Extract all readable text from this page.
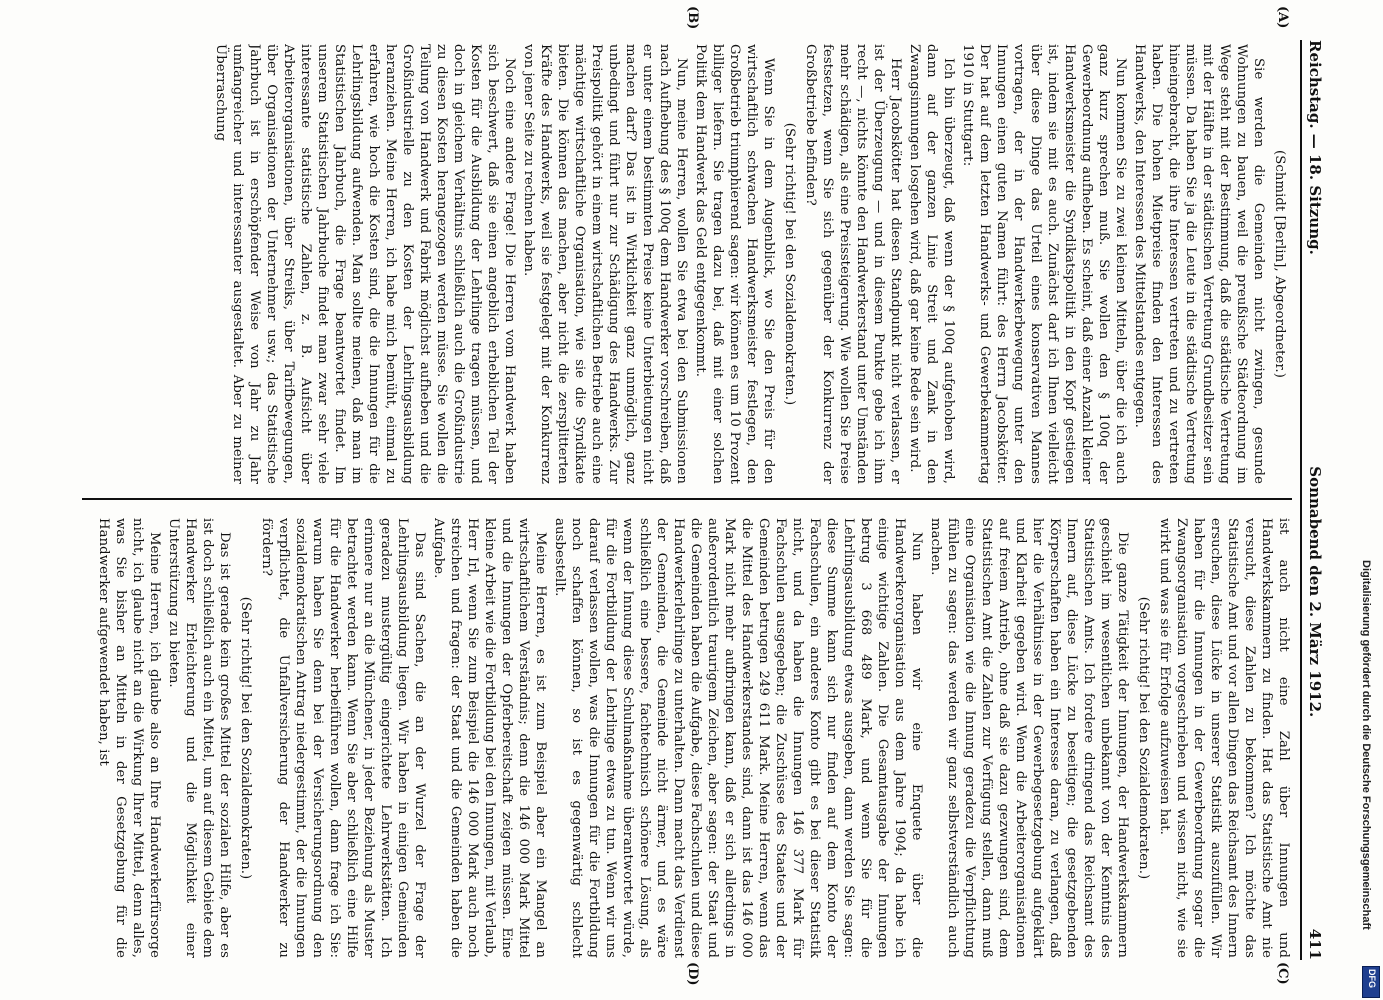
Reichstag. — 18. Sitzung.
Sonnabend den 2. März 1912.
411
(A)
(B)
(C)
(D)

(Schmidt [Berlin], Abgeordneter.)

Sie werden die Gemeinden nicht zwingen, gesunde Wohnungen zu bauen, weil die preußische Städteordnung im Wege steht mit der Bestimmung, daß die städtische Vertretung mit der Hälfte in der städtischen Vertretung Grundbesitzer sein müssen. Da haben Sie ja die Leute in die städtische Vertretung hineingebracht, die ihre Interessen vertreten und zu vertreten haben. Die hohen Mietpreise finden den Interessen des Handwerks, den Interessen des Mittelstandes entgegen.

Nun kommen Sie zu zwei kleinen Mitteln, über die ich auch ganz kurz sprechen muß. Sie wollen den § 100q der Gewerbeordnung aufheben. Es scheint, daß einer Anzahl kleiner Handwerksmeister die Syndikatspolitik in den Kopf gestiegen ist, indem sie mit es auch. Zunächst darf ich Ihnen vielleicht über diese Dinge das Urteil eines konservativen Mannes vortragen, der in der Handwerkerbewegung unter den Innungen einen guten Namen führt: des Herrn Jacobskötter. Der hat auf dem letzten Handwerks- und Gewerbekammertag 1910 in Stuttgart:

Ich bin überzeugt, daß wenn der § 100q aufgehoben wird, dann auf der ganzen Linie Streit und Zank in den Zwangsinnungen losgehen wird, daß gar keine Rede sein wird.

Herr Jacobskötter hat diesen Standpunkt nicht verlassen, er ist der Überzeugung — und in diesem Punkte gebe ich ihm recht —, nichts könnte den Handwerkerstand unter Umständen mehr schädigen, als eine Preissteigerung. Wie wollen Sie Preise festsetzen, wenn Sie sich gegenüber der Konkurrenz der Großbetriebe befinden?

(Sehr richtig! bei den Sozialdemokraten.)

Wenn Sie in dem Augenblick, wo Sie den Preis für den wirtschaftlich schwachen Handwerksmeister festlegen, den Großbetrieb triumphierend sagen: wir können es um 10 Prozent billiger liefern. Sie tragen dazu bei, daß mit einer solchen Politik dem Handwerk das Geld entgegenkommt.

Nun, meine Herren, wollen Sie etwa bei den Submissionen nach Aufhebung des § 100q dem Handwerker vorschreiben, daß er unter einem bestimmten Preise keine Unterbietungen nicht machen darf? Das ist in Wirklichkeit ganz unmöglich, ganz unbedingt und führt nur zur Schädigung des Handwerks. Zur Preispolitik gehört in einem wirtschaftlichen Betriebe auch eine mächtige wirtschaftliche Organisation, wie sie die Syndikate bieten. Die können das machen, aber nicht die zersplitterten Kräfte des Handwerks, weil sie festgelegt mit der Konkurrenz von jener Seite zu rechnen haben.

Noch eine andere Frage! Die Herren vom Handwerk haben sich beschwert, daß sie einen angeblich erheblichen Teil der Kosten für die Ausbildung der Lehrlinge tragen müssen, und doch in gleichem Verhältnis schließlich auch die Großindustrie zu diesen Kosten herangezogen werden müsse. Sie wollen die Teilung von Handwerk und Fabrik möglichst aufheben und die Großindustrielle zu den Kosten der Lehrlingsausbildung heranziehen. Meine Herren, ich habe mich bemüht, einmal zu erfahren, wie hoch die Kosten sind, die die Innungen für die Lehrlingsbildung aufwenden. Man sollte meinen, daß man im Statistischen Jahrbuch, die Frage beantwortet findet. Im unserem Statistischen Jahrbuche findet man zwar sehr viele interessante statistische Zahlen, z. B. Aufsicht über Arbeiterorganisationen, über Streiks, über Tarifbewegungen, über Organisationen der Unternehmer usw.; das Statistische Jahrbuch ist in erschöpfender Weise von Jahr zu Jahr umfangreicher und interessanter ausgestaltet. Aber zu meiner Überraschung

ist auch nicht eine Zahl über Innungen und Handwerkskammern zu finden. Hat das Statistische Amt nie versucht, diese Zahlen zu bekommen? Ich möchte das Statistische Amt und vor allen Dingen das Reichsamt des Innern ersuchen, diese Lücke in unserer Statistik auszufüllen. Wir haben für die Innungen in der Gewerbeordnung sogar die Zwangsorganisation vorgeschrieben und wissen nicht, wie sie wirkt und was sie für Erfolge aufzuweisen hat.

(Sehr richtig! bei den Sozialdemokraten.)

Die ganze Tätigkeit der Innungen, der Handwerkskammern geschieht im wesentlichen unbekannt von der Kenntnis des Statistischen Amts. Ich fordere dringend das Reichsamt des Innern auf, diese Lücke zu beseitigen; die gesetzgebenden Körperschaften haben ein Interesse daran, zu verlangen, daß hier die Verhältnisse in der Gewerbegesetzgebung aufgeklärt und Klarheit gegeben wird. Wenn die Arbeiterorganisationen auf freiem Antrieb, ohne daß sie dazu gezwungen sind, dem Statistischen Amt die Zahlen zur Verfügung stellen, dann muß eine Organisation wie die Innung geradezu die Verpflichtung fühlen zu sagen: das werden wir ganz selbstverständlich auch machen.

Nun haben wir eine Enquete über die Handwerkerorganisation aus dem Jahre 1904; da habe ich einige wichtige Zahlen. Die Gesamtausgabe der Innungen betrug 3 668 489 Mark, und wenn Sie für die Lehrlingsausbildung etwas ausgeben, dann werden Sie sagen: diese Summe kann sich nur finden auf dem Konto der Fachschulen, ein anderes Konto gibt es bei dieser Statistik nicht, und da haben die Innungen 146 377 Mark für Fachschulen ausgegeben; die Zuschüsse des Staates und der Gemeinden betrugen 249 611 Mark. Meine Herren, wenn das die Mittel des Handwerkerstandes sind, dann ist das 146 000 Mark nicht mehr aufbringen kann, daß er sich allerdings in außerordentlich traurigem Zeichen, aber sagen: der Staat und die Gemeinden haben die Aufgabe, diese Fachschulen und diese Handwerkerlehrlinge zu unterhalten. Dann macht das Verdienst der Gemeinden, die Gemeinde nicht ärmer, und es wäre schließlich eine bessere, fachtechnisch schönere Lösung, als wenn der Innung diese Schulmaßnahme überantwortet würde, für die Fortbildung der Lehrlinge etwas zu tun. Wenn wir uns darauf verlassen wollen, was die Innungen für die Fortbildung noch schaffen können, so ist es gegenwärtig schlecht ausbestellt.

Meine Herren, es ist zum Beispiel aber ein Mangel an wirtschaftlichem Verständnis; denn die 146 000 Mark Mittel und die Innungen der Opferbereitschaft zeigen müssen. Eine kleine Arbeit wie die Fortbildung bei den Innungen, mit Verlaub, Herr Irl, wenn Sie zum Beispiel die 146 000 Mark auch noch streichen und fragen: der Staat und die Gemeinden haben die Aufgabe.

Das sind Sachen, die an der Wurzel der Frage der Lehrlingsausbildung liegen. Wir haben in einigen Gemeinden geradezu mustergültig eingerichtete Lehrwerkstätten. Ich erinnere nur an die Münchener, in jeder Beziehung als Muster betrachtet werden kann. Wenn Sie aber schließlich eine Hilfe für die Handwerker herbeiführen wollen, dann frage ich Sie: warum haben Sie denn bei der Versicherungsordnung den sozialdemokratischen Antrag niedergestimmt, der die Innungen verpflichtet, die Unfallversicherung der Handwerker zu fördern?

(Sehr richtig! bei den Sozialdemokraten.)

Das ist gerade kein großes Mittel der sozialen Hilfe, aber es ist doch schließlich auch ein Mittel, um auf diesem Gebiete dem Handwerker Erleichterung und die Möglichkeit einer Unterstützung zu bieten.

Meine Herren, ich glaube also an Ihre Handwerkerfürsorge nicht, ich glaube nicht an die Wirkung Ihrer Mittel, denn alles, was Sie bisher an Mitteln in der Gesetzgebung für die Handwerker aufgewendet haben, ist	Digitalisierung gefördert durch die Deutsche Forschungsgemeinschaft
DFG
